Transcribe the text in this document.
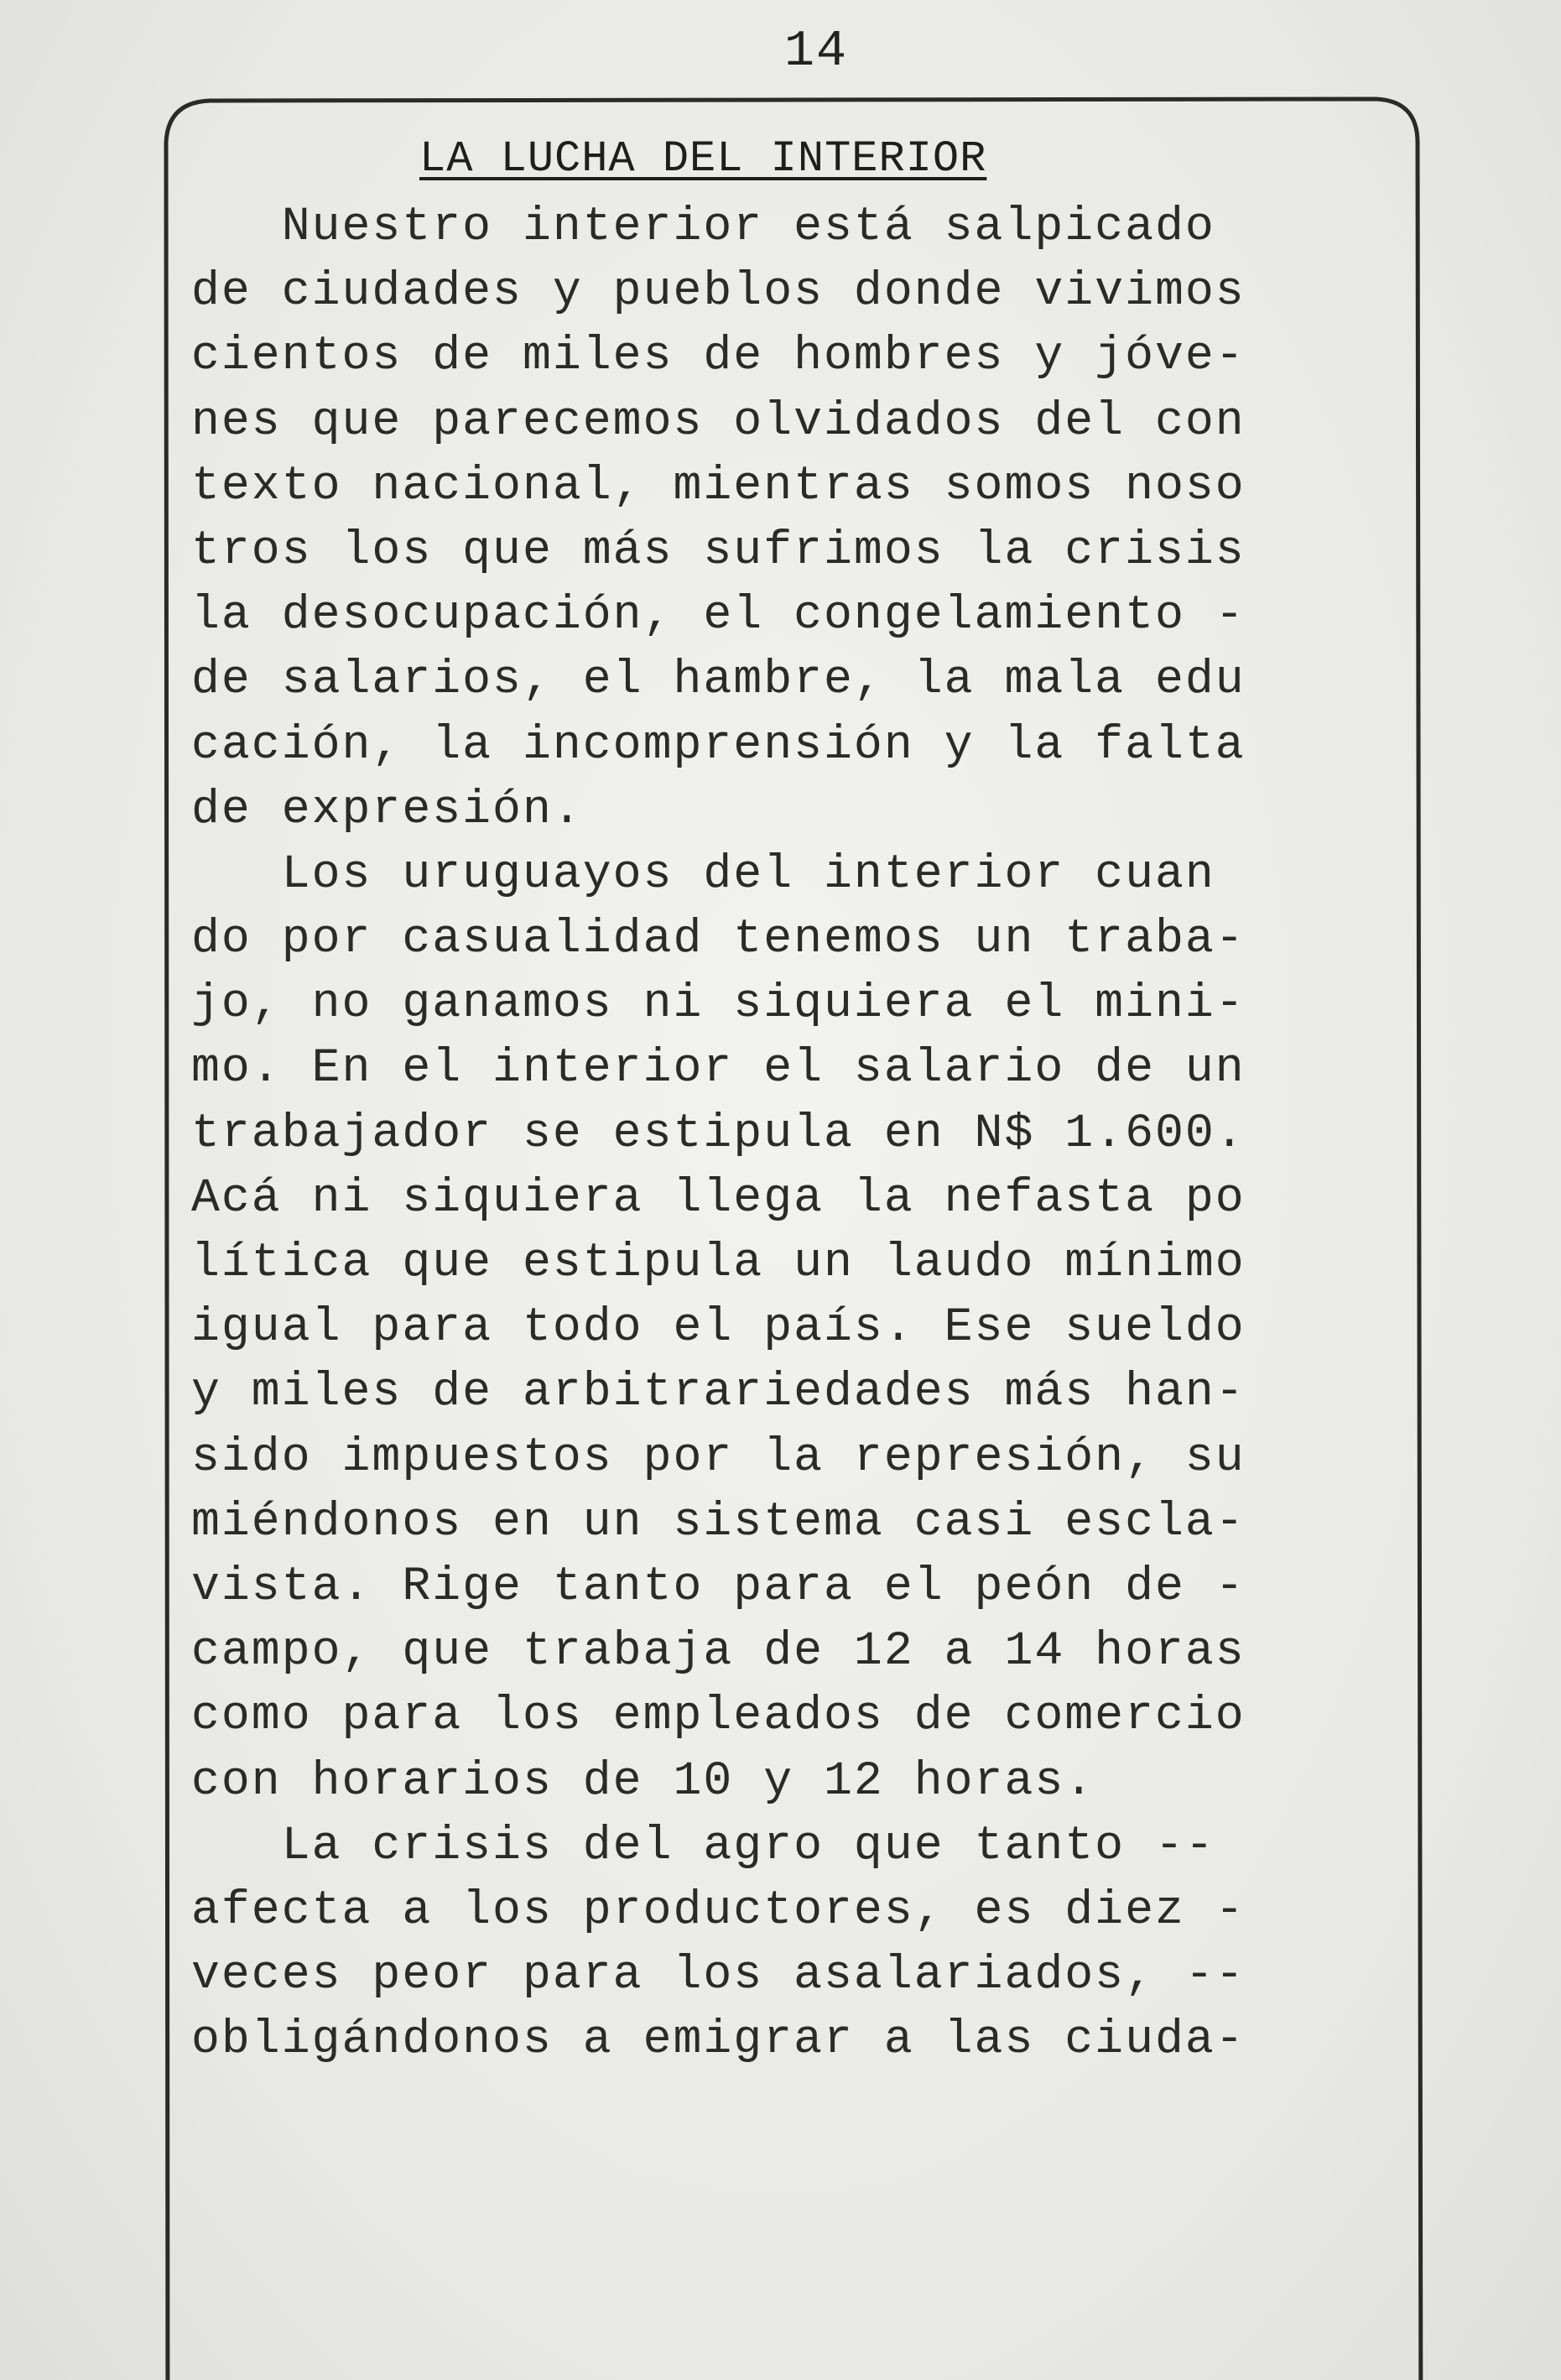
14
LA LUCHA DEL INTERIOR
Nuestro interior está salpicado
de ciudades y pueblos donde vivimos
cientos de miles de hombres y jóve-
nes que parecemos olvidados del con
texto nacional, mientras somos noso
tros los que más sufrimos la crisis
la desocupación, el congelamiento -
de salarios, el hambre, la mala edu
cación, la incomprensión y la falta
de expresión.
Los uruguayos del interior cuan
do por casualidad tenemos un traba-
jo, no ganamos ni siquiera el mini-
mo. En el interior el salario de un
trabajador se estipula en N$ 1.600.
Acá ni siquiera llega la nefasta po
lítica que estipula un laudo mínimo
igual para todo el país. Ese sueldo
y miles de arbitrariedades más han-
sido impuestos por la represión, su
miéndonos en un sistema casi escla-
vista. Rige tanto para el peón de -
campo, que trabaja de 12 a 14 horas
como para los empleados de comercio
con horarios de 10 y 12 horas.
La crisis del agro que tanto --
afecta a los productores, es diez -
veces peor para los asalariados, --
obligándonos a emigrar a las ciuda-
